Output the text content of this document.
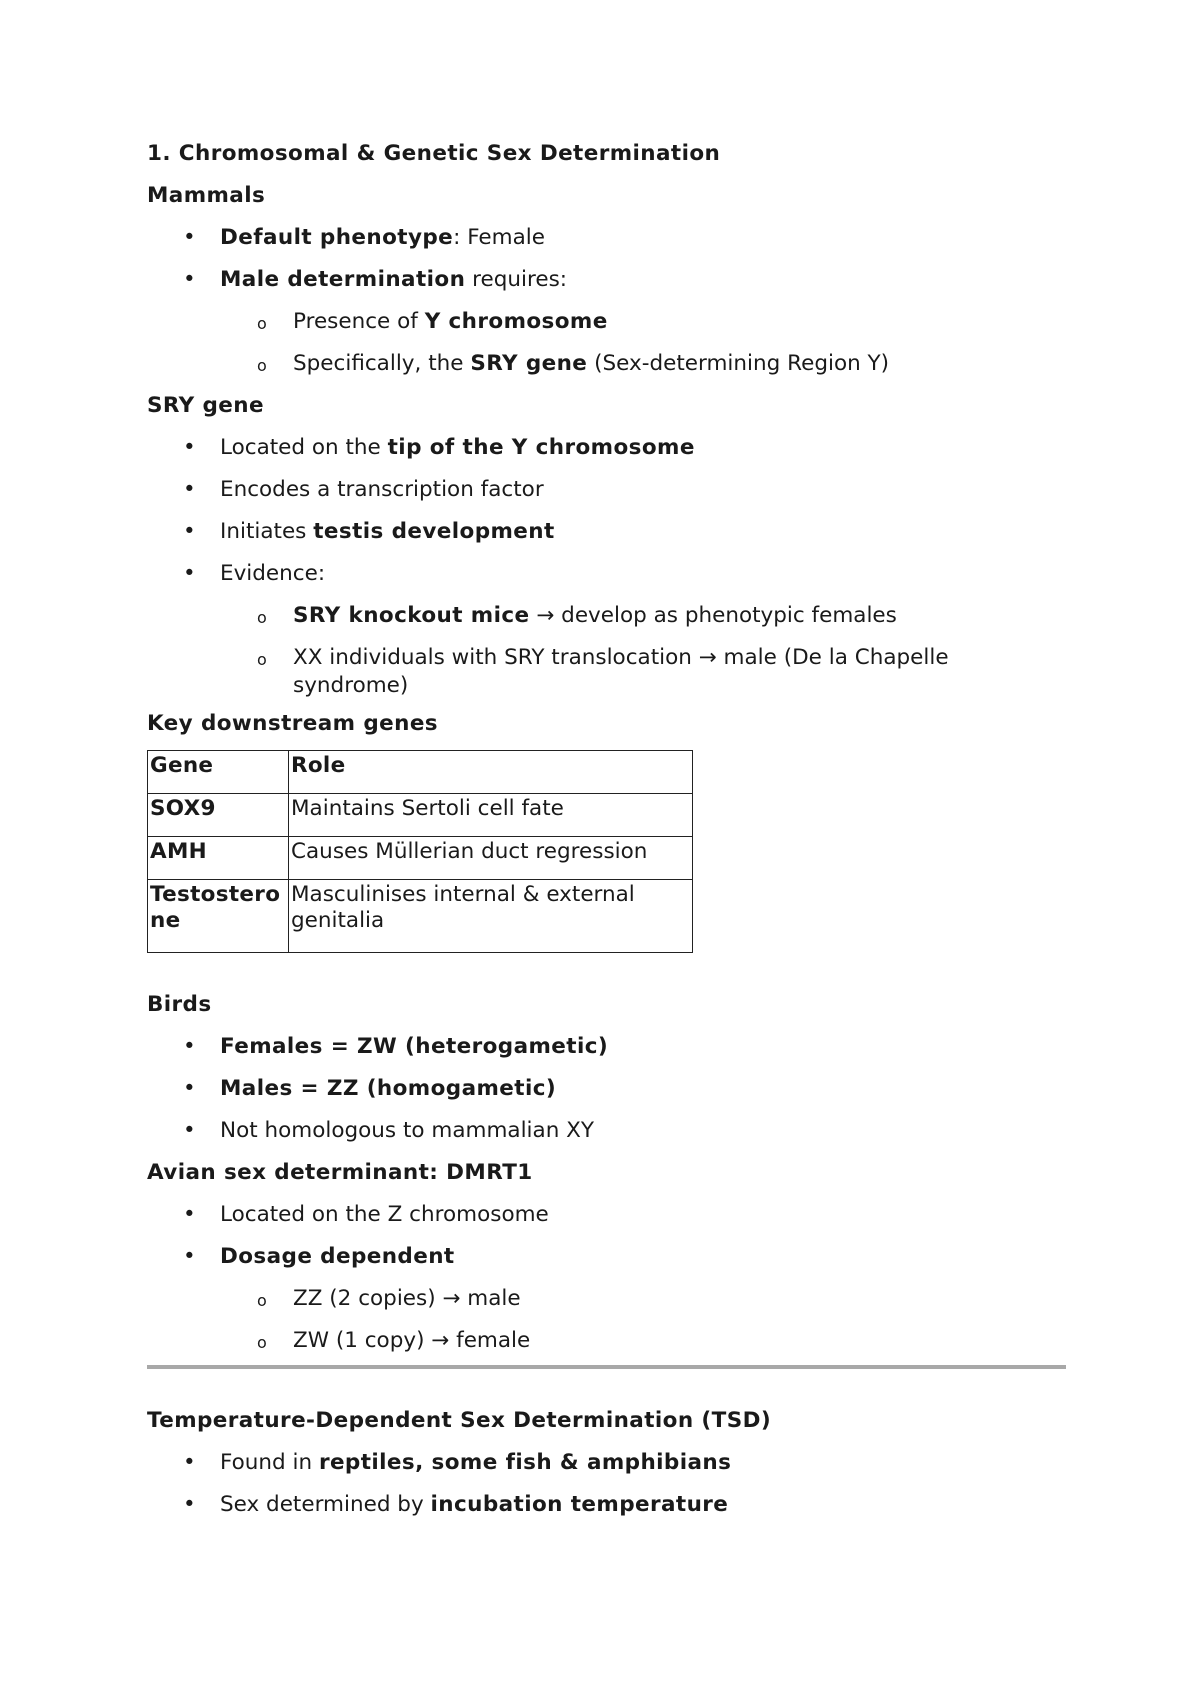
1. Chromosomal & Genetic Sex Determination

Mammals

• Default phenotype: Female
• Male determination requires:
o Presence of Y chromosome
o Specifically, the SRY gene (Sex-determining Region Y)

SRY gene

• Located on the tip of the Y chromosome
• Encodes a transcription factor
• Initiates testis development
• Evidence:
o SRY knockout mice → develop as phenotypic females
o XX individuals with SRY translocation → male (De la Chapelle syndrome)

Key downstream genes

Gene	Role
SOX9	Maintains Sertoli cell fate
AMH	Causes Müllerian duct regression
Testosterone	Masculinises internal & external genitalia

Birds

• Females = ZW (heterogametic)
• Males = ZZ (homogametic)
• Not homologous to mammalian XY

Avian sex determinant: DMRT1

• Located on the Z chromosome
• Dosage dependent
o ZZ (2 copies) → male
o ZW (1 copy) → female

Temperature-Dependent Sex Determination (TSD)

• Found in reptiles, some fish & amphibians
• Sex determined by incubation temperature
